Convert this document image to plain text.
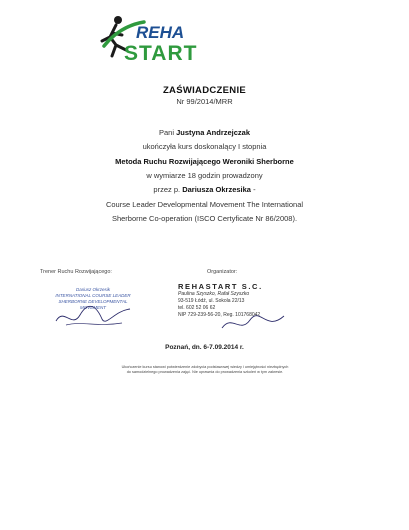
REHA
START
ZAŚWIADCZENIE
Nr 99/2014/MRR
Pani Justyna Andrzejczak
ukończyła kurs doskonalący I stopnia
Metoda Ruchu Rozwijającego Weroniki Sherborne
w wymiarze 18 godzin prowadzony
przez p. Dariusza Okrzesika -
Course Leader Developmental Movement The International
Sherborne Co-operation (ISCO Certyficate Nr 86/2008).
Trener Ruchu Rozwijającego:	Organizator:
Dariusz Okrzesik
INTERNATIONAL COURSE LEADER
SHERBORNE DEVELOPMENTAL MOVEMENT
REHASTART S.C.
Paulina Szyszko, Rafał Szyszko
93-519 Łódź, ul. Sokola 22/13
tel. 602 52 06 62
NIP 729-239-56-20, Reg. 101768042
Poznań, dn. 6-7.09.2014 r.
Ukończenie kursu stanowi potwierdzenie zdobycia podstawowej wiedzy i umiejętności niezbędnych
do samodzielnego prowadzenia zajęć. Nie uprawnia do prowadzenia szkoleń w tym zakresie.
